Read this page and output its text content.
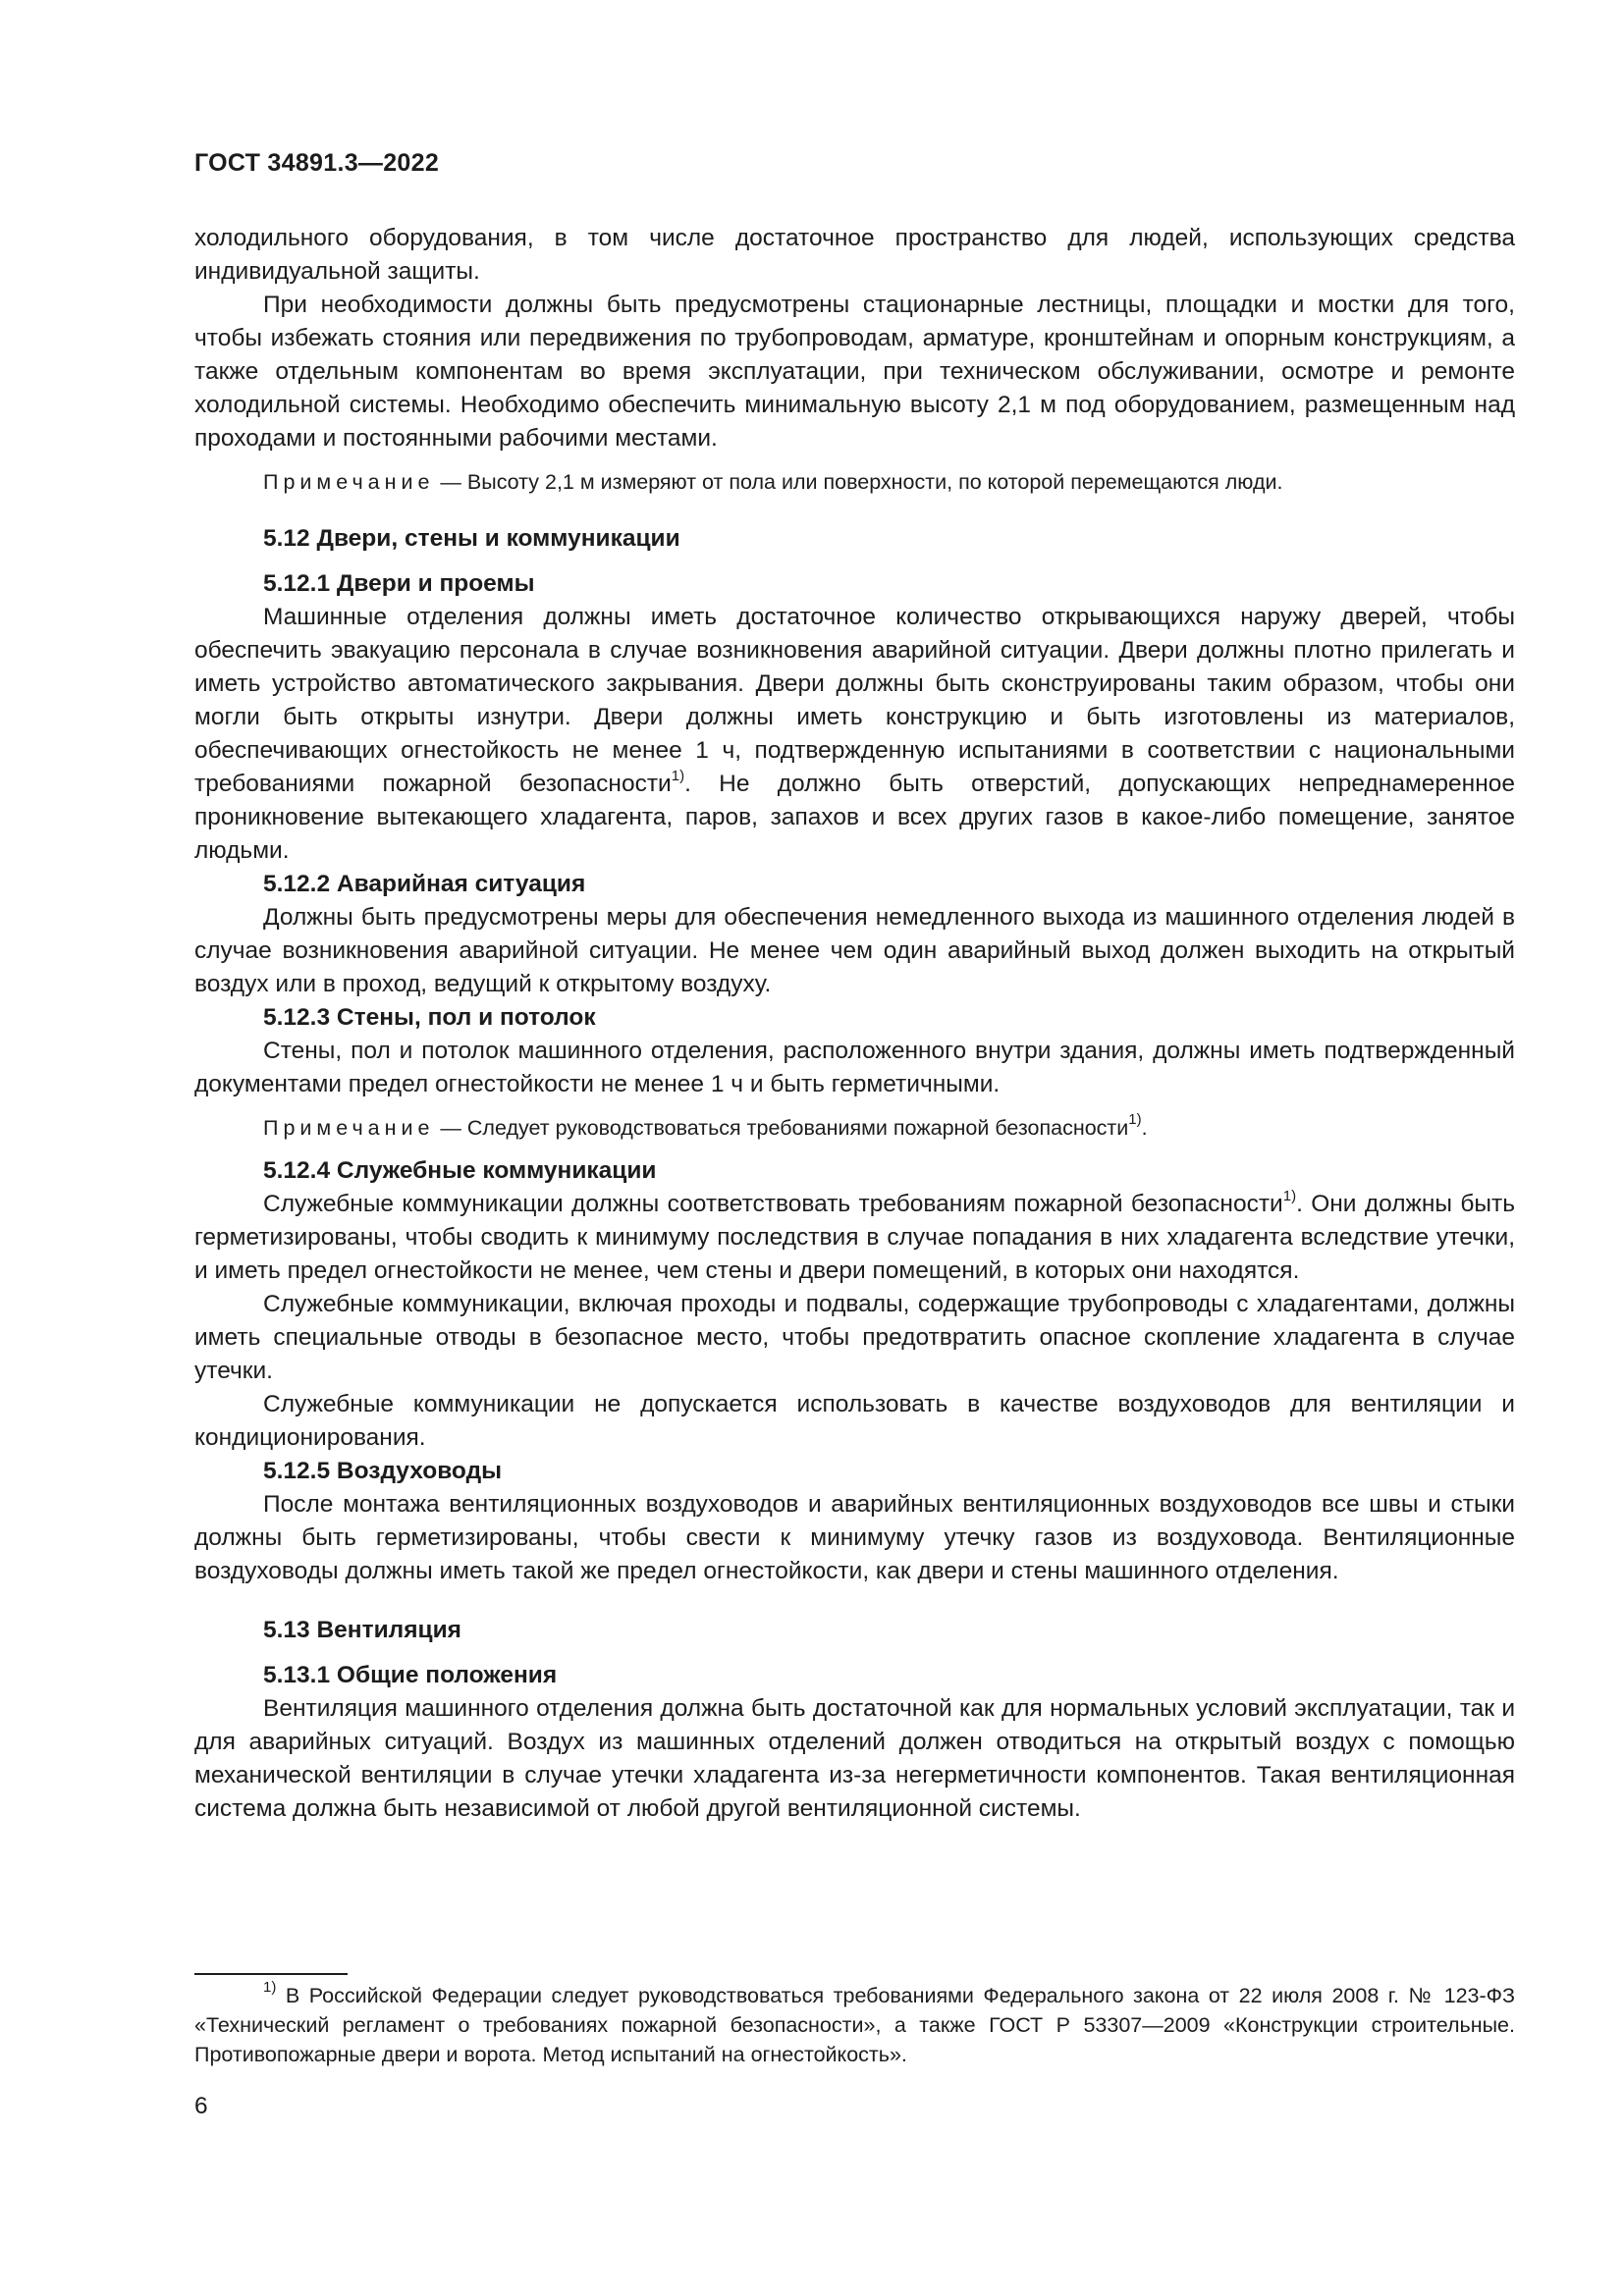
ГОСТ 34891.3—2022

холодильного оборудования, в том числе достаточное пространство для людей, использующих средства индивидуальной защиты.

При необходимости должны быть предусмотрены стационарные лестницы, площадки и мостки для того, чтобы избежать стояния или передвижения по трубопроводам, арматуре, кронштейнам и опорным конструкциям, а также отдельным компонентам во время эксплуатации, при техническом обслуживании, осмотре и ремонте холодильной системы. Необходимо обеспечить минимальную высоту 2,1 м под оборудованием, размещенным над проходами и постоянными рабочими местами.

Примечание — Высоту 2,1 м измеряют от пола или поверхности, по которой перемещаются люди.

5.12 Двери, стены и коммуникации
5.12.1 Двери и проемы

Машинные отделения должны иметь достаточное количество открывающихся наружу дверей, чтобы обеспечить эвакуацию персонала в случае возникновения аварийной ситуации. Двери должны плотно прилегать и иметь устройство автоматического закрывания. Двери должны быть сконструированы таким образом, чтобы они могли быть открыты изнутри. Двери должны иметь конструкцию и быть изготовлены из материалов, обеспечивающих огнестойкость не менее 1 ч, подтвержденную испытаниями в соответствии с национальными требованиями пожарной безопасности$^{1)}$. Не должно быть отверстий, допускающих непреднамеренное проникновение вытекающего хладагента, паров, запахов и всех других газов в какое-либо помещение, занятое людьми.

5.12.2 Аварийная ситуация

Должны быть предусмотрены меры для обеспечения немедленного выхода из машинного отделения людей в случае возникновения аварийной ситуации. Не менее чем один аварийный выход должен выходить на открытый воздух или в проход, ведущий к открытому воздуху.

5.12.3 Стены, пол и потолок

Стены, пол и потолок машинного отделения, расположенного внутри здания, должны иметь подтвержденный документами предел огнестойкости не менее 1 ч и быть герметичными.

Примечание — Следует руководствоваться требованиями пожарной безопасности$^{1)}$.

5.12.4 Служебные коммуникации

Служебные коммуникации должны соответствовать требованиям пожарной безопасности$^{1)}$. Они должны быть герметизированы, чтобы сводить к минимуму последствия в случае попадания в них хладагента вследствие утечки, и иметь предел огнестойкости не менее, чем стены и двери помещений, в которых они находятся.

Служебные коммуникации, включая проходы и подвалы, содержащие трубопроводы с хладагентами, должны иметь специальные отводы в безопасное место, чтобы предотвратить опасное скопление хладагента в случае утечки.

Служебные коммуникации не допускается использовать в качестве воздуховодов для вентиляции и кондиционирования.

5.12.5 Воздуховоды

После монтажа вентиляционных воздуховодов и аварийных вентиляционных воздуховодов все швы и стыки должны быть герметизированы, чтобы свести к минимуму утечку газов из воздуховода. Вентиляционные воздуховоды должны иметь такой же предел огнестойкости, как двери и стены машинного отделения.

5.13 Вентиляция
5.13.1 Общие положения

Вентиляция машинного отделения должна быть достаточной как для нормальных условий эксплуатации, так и для аварийных ситуаций. Воздух из машинных отделений должен отводиться на открытый воздух с помощью механической вентиляции в случае утечки хладагента из-за негерметичности компонентов. Такая вентиляционная система должна быть независимой от любой другой вентиляционной системы.

$^{1)}$ В Российской Федерации следует руководствоваться требованиями Федерального закона от 22 июля 2008 г. № 123-ФЗ «Технический регламент о требованиях пожарной безопасности», а также ГОСТ Р 53307—2009 «Конструкции строительные. Противопожарные двери и ворота. Метод испытаний на огнестойкость».

6
